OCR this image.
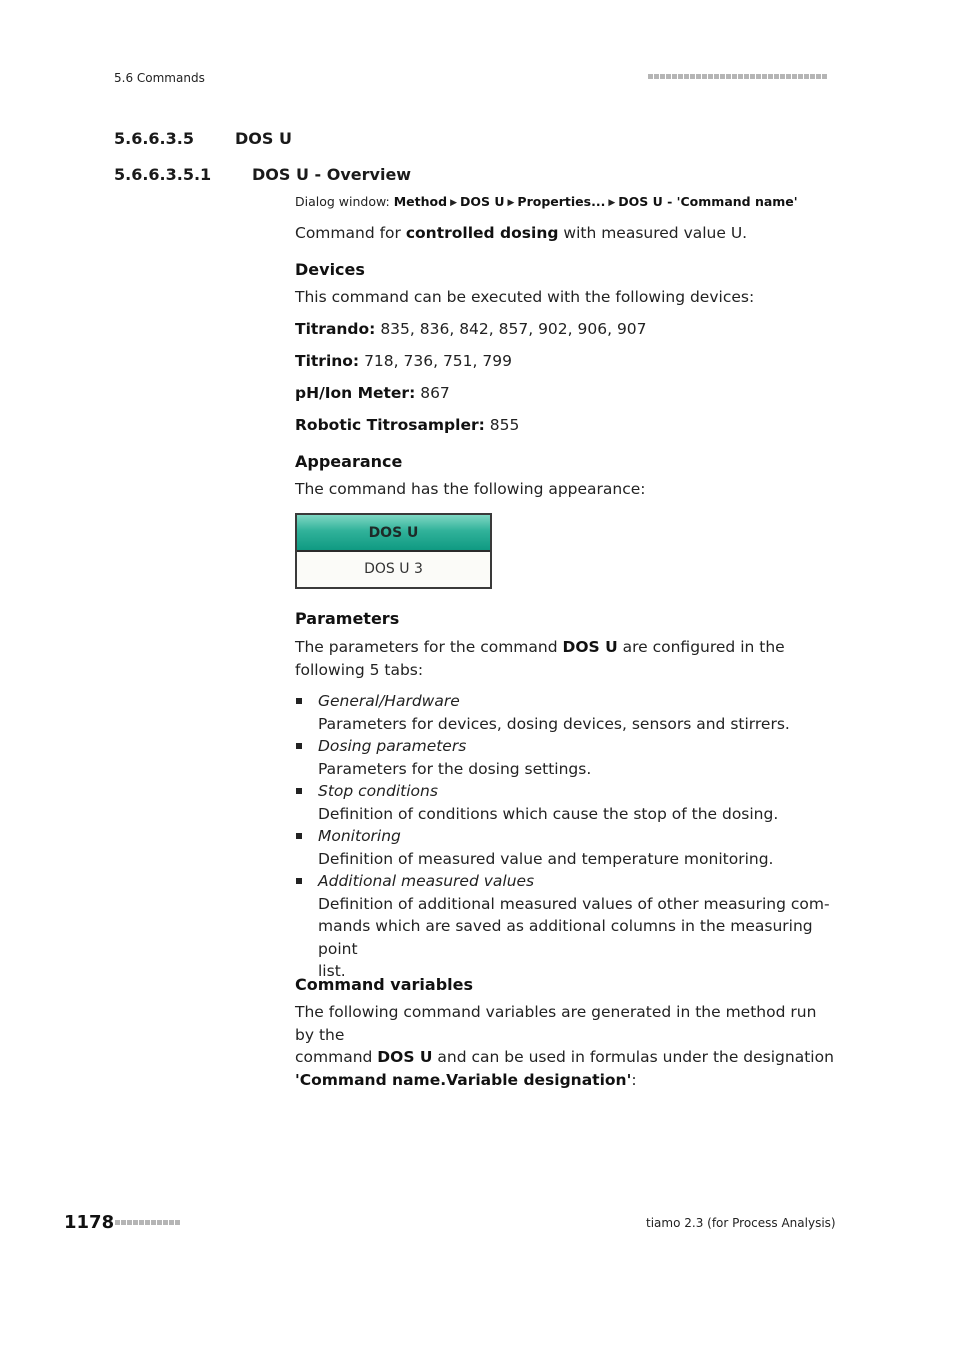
5.6 Commands
5.6.6.3.5	DOS U
5.6.6.3.5.1	DOS U - Overview
Dialog window: Method ▶ DOS U ▶ Properties... ▶ DOS U - 'Command name'
Command for controlled dosing with measured value U.
Devices
This command can be executed with the following devices:
Titrando: 835, 836, 842, 857, 902, 906, 907
Titrino: 718, 736, 751, 799
pH/Ion Meter: 867
Robotic Titrosampler: 855
Appearance
The command has the following appearance:
DOS U
DOS U 3
Parameters
The parameters for the command DOS U are configured in the following 5 tabs:
General/Hardware
Parameters for devices, dosing devices, sensors and stirrers.
Dosing parameters
Parameters for the dosing settings.
Stop conditions
Definition of conditions which cause the stop of the dosing.
Monitoring
Definition of measured value and temperature monitoring.
Additional measured values
Definition of additional measured values of other measuring com-
mands which are saved as additional columns in the measuring point
list.
Command variables
The following command variables are generated in the method run by the
command DOS U and can be used in formulas under the designation
'Command name.Variable designation':
1178	tiamo 2.3 (for Process Analysis)
